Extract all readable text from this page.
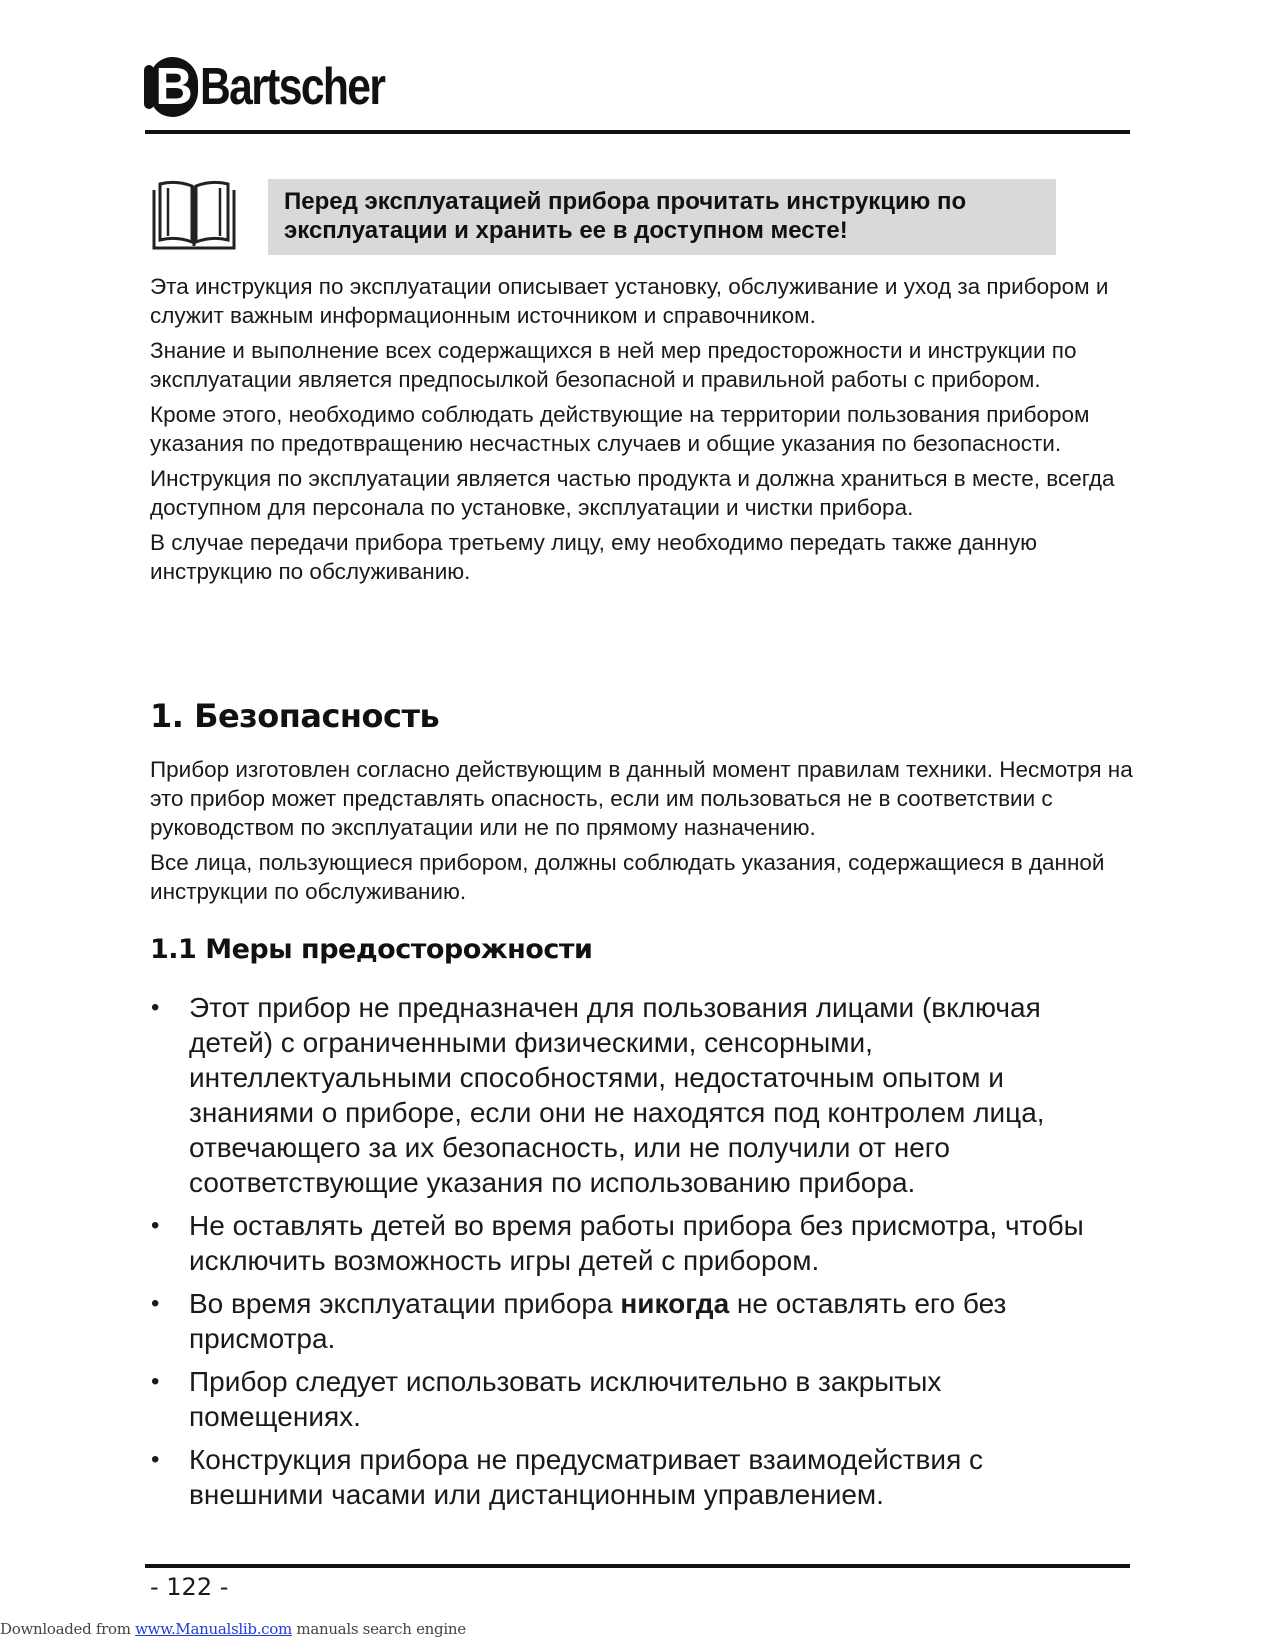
B Bartscher
Перед эксплуатацией прибора прочитать инструкцию по
эксплуатации и хранить ее в доступном месте!

Эта инструкция по эксплуатации описывает установку, обслуживание и уход за прибором и служит важным информационным источником и справочником.

Знание и выполнение всех содержащихся в ней мер предосторожности и инструкции по эксплуатации является предпосылкой безопасной и правильной работы с прибором.

Кроме этого, необходимо соблюдать действующие на территории пользования прибором указания по предотвращению несчастных случаев и общие указания по безопасности.

Инструкция по эксплуатации является частью продукта и должна храниться в месте, всегда доступном для персонала по установке, эксплуатации и чистки прибора.

В случае передачи прибора третьему лицу, ему необходимо передать также данную инструкцию по обслуживанию.

1. Безопасность

Прибор изготовлен согласно действующим в данный момент правилам техники. Несмотря на это прибор может представлять опасность, если им пользоваться не в соответствии с руководством по эксплуатации или не по прямому назначению.

Все лица, пользующиеся прибором, должны соблюдать указания, содержащиеся в данной инструкции по обслуживанию.

1.1 Меры предосторожности
• Этот прибор не предназначен для пользования лицами (включая детей) с ограниченными физическими, сенсорными, интеллектуальными способностями, недостаточным опытом и знаниями о приборе, если они не находятся под контролем лица, отвечающего за их безопасность, или не получили от него соответствующие указания по использованию прибора.
• Не оставлять детей во время работы прибора без присмотра, чтобы исключить возможность игры детей с прибором.
• Во время эксплуатации прибора никогда не оставлять его без присмотра.
• Прибор следует использовать исключительно в закрытых помещениях.
• Конструкция прибора не предусматривает взаимодействия с внешними часами или дистанционным управлением.
- 122 -
Downloaded from www.Manualslib.com manuals search engine
